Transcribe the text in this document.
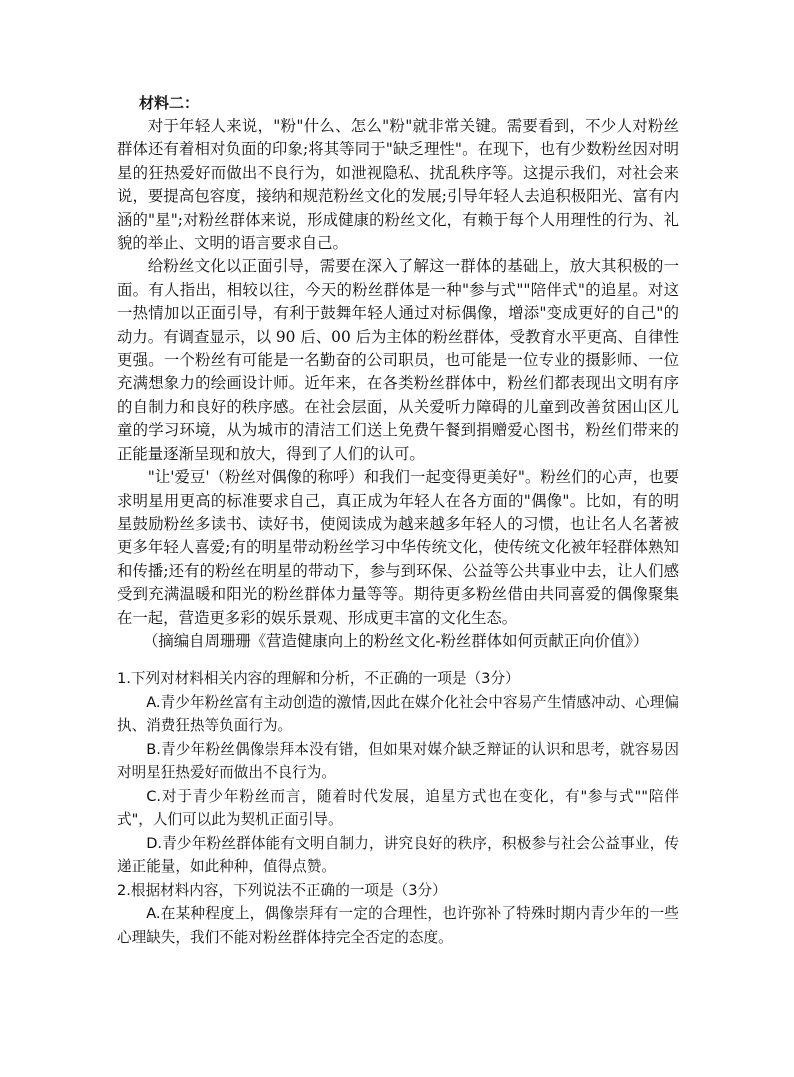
材料二：

对于年轻人来说，"粉"什么、怎么"粉"就非常关键。需要看到，不少人对粉丝群体还有着相对负面的印象;将其等同于"缺乏理性"。在现下，也有少数粉丝因对明星的狂热爱好而做出不良行为，如泄视隐私、扰乱秩序等。这提示我们，对社会来说，要提高包容度，接纳和规范粉丝文化的发展;引导年轻人去追积极阳光、富有内涵的"星";对粉丝群体来说，形成健康的粉丝文化，有赖于每个人用理性的行为、礼貌的举止、文明的语言要求自己。

给粉丝文化以正面引导，需要在深入了解这一群体的基础上，放大其积极的一面。有人指出，相较以往，今天的粉丝群体是一种"参与式""陪伴式"的追星。对这一热情加以正面引导，有利于鼓舞年轻人通过对标偶像，增添"变成更好的自己"的动力。有调查显示，以 90 后、00 后为主体的粉丝群体，受教育水平更高、自律性更强。一个粉丝有可能是一名勤奋的公司职员，也可能是一位专业的摄影师、一位充满想象力的绘画设计师。近年来，在各类粉丝群体中，粉丝们都表现出文明有序的自制力和良好的秩序感。在社会层面，从关爱听力障碍的儿童到改善贫困山区儿童的学习环境，从为城市的清洁工们送上免费午餐到捐赠爱心图书，粉丝们带来的正能量逐渐呈现和放大，得到了人们的认可。

"让'爱豆'（粉丝对偶像的称呼）和我们一起变得更美好"。粉丝们的心声，也要求明星用更高的标准要求自己，真正成为年轻人在各方面的"偶像"。比如，有的明星鼓励粉丝多读书、读好书，使阅读成为越来越多年轻人的习惯，也让名人名著被更多年轻人喜爱;有的明星带动粉丝学习中华传统文化，使传统文化被年轻群体熟知和传播;还有的粉丝在明星的带动下，参与到环保、公益等公共事业中去，让人们感受到充满温暖和阳光的粉丝群体力量等等。期待更多粉丝借由共同喜爱的偶像聚集在一起，营造更多彩的娱乐景观、形成更丰富的文化生态。

（摘编自周珊珊《营造健康向上的粉丝文化-粉丝群体如何贡献正向价值》）

1.下列对材料相关内容的理解和分析，不正确的一项是（3分）

A.青少年粉丝富有主动创造的激情,因此在媒介化社会中容易产生情感冲动、心理偏执、消费狂热等负面行为。

B.青少年粉丝偶像崇拜本没有错，但如果对媒介缺乏辩证的认识和思考，就容易因对明星狂热爱好而做出不良行为。

C.对于青少年粉丝而言，随着时代发展，追星方式也在变化，有"参与式""陪伴式"，人们可以此为契机正面引导。

D.青少年粉丝群体能有文明自制力，讲究良好的秩序，积极参与社会公益事业，传递正能量，如此种种，值得点赞。

2.根据材料内容，下列说法不正确的一项是（3分）

A.在某种程度上，偶像崇拜有一定的合理性，也许弥补了特殊时期内青少年的一些心理缺失，我们不能对粉丝群体持完全否定的态度。
